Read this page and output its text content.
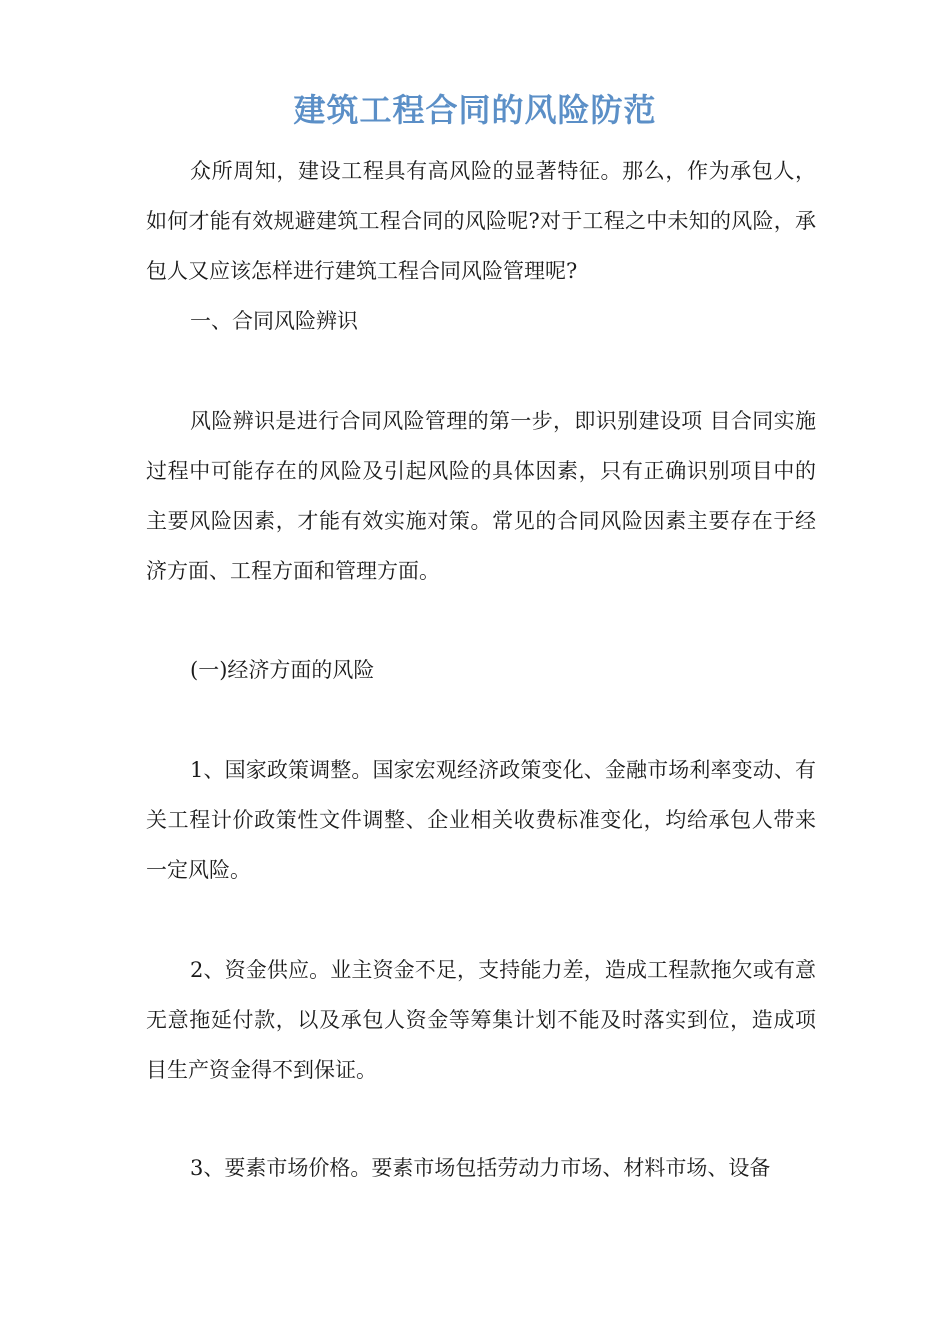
建筑工程合同的风险防范

众所周知，建设工程具有高风险的显著特征。那么，作为承包人，如何才能有效规避建筑工程合同的风险呢?对于工程之中未知的风险，承包人又应该怎样进行建筑工程合同风险管理呢?

一、合同风险辨识

风险辨识是进行合同风险管理的第一步，即识别建设项 目合同实施过程中可能存在的风险及引起风险的具体因素，只有正确识别项目中的主要风险因素，才能有效实施对策。常见的合同风险因素主要存在于经济方面、工程方面和管理方面。

(一)经济方面的风险

1、国家政策调整。国家宏观经济政策变化、金融市场利率变动、有关工程计价政策性文件调整、企业相关收费标准变化，均给承包人带来一定风险。

2、资金供应。业主资金不足，支持能力差，造成工程款拖欠或有意无意拖延付款，以及承包人资金等筹集计划不能及时落实到位，造成项目生产资金得不到保证。

3、要素市场价格。要素市场包括劳动力市场、材料市场、设备
